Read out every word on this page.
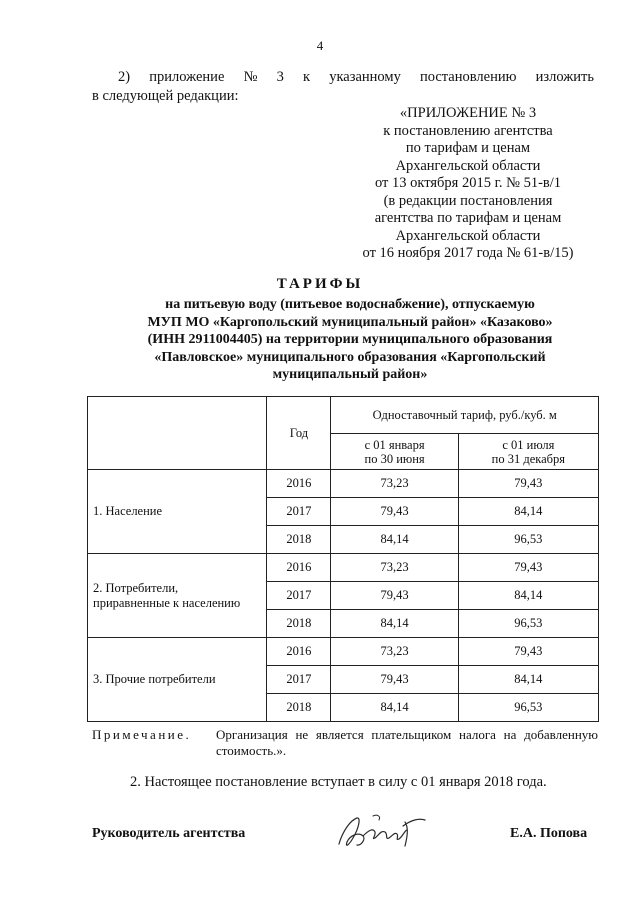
4
2) приложение № 3 к указанному постановлению изложить
в следующей редакции:
«ПРИЛОЖЕНИЕ № 3
к постановлению агентства
по тарифам и ценам
Архангельской области
от 13 октября 2015 г. № 51-в/1
(в редакции постановления
агентства по тарифам и ценам
Архангельской области
от 16 ноября 2017 года № 61-в/15)
ТАРИФЫ
на питьевую воду (питьевое водоснабжение), отпускаемую
МУП МО «Каргопольский муниципальный район» «Казаково»
(ИНН 2911004405) на территории муниципального образования
«Павловское» муниципального образования «Каргопольский
муниципальный район»
	Год	Одноставочный тариф, руб./куб. м	
		с 01 января
по 30 июня	с 01 июля
по 31 декабря
1. Население	2016	73,23	79,43
	2017	79,43	84,14
	2018	84,14	96,53
2. Потребители,
приравненные к населению	2016	73,23	79,43
	2017	79,43	84,14
	2018	84,14	96,53
3. Прочие потребители	2016	73,23	79,43
	2017	79,43	84,14
	2018	84,14	96,53
Примечание. Организация не является плательщиком налога на добавленную стоимость.».
2. Настоящее постановление вступает в силу с 01 января 2018 года.
Руководитель агентства	Е.А. Попова
